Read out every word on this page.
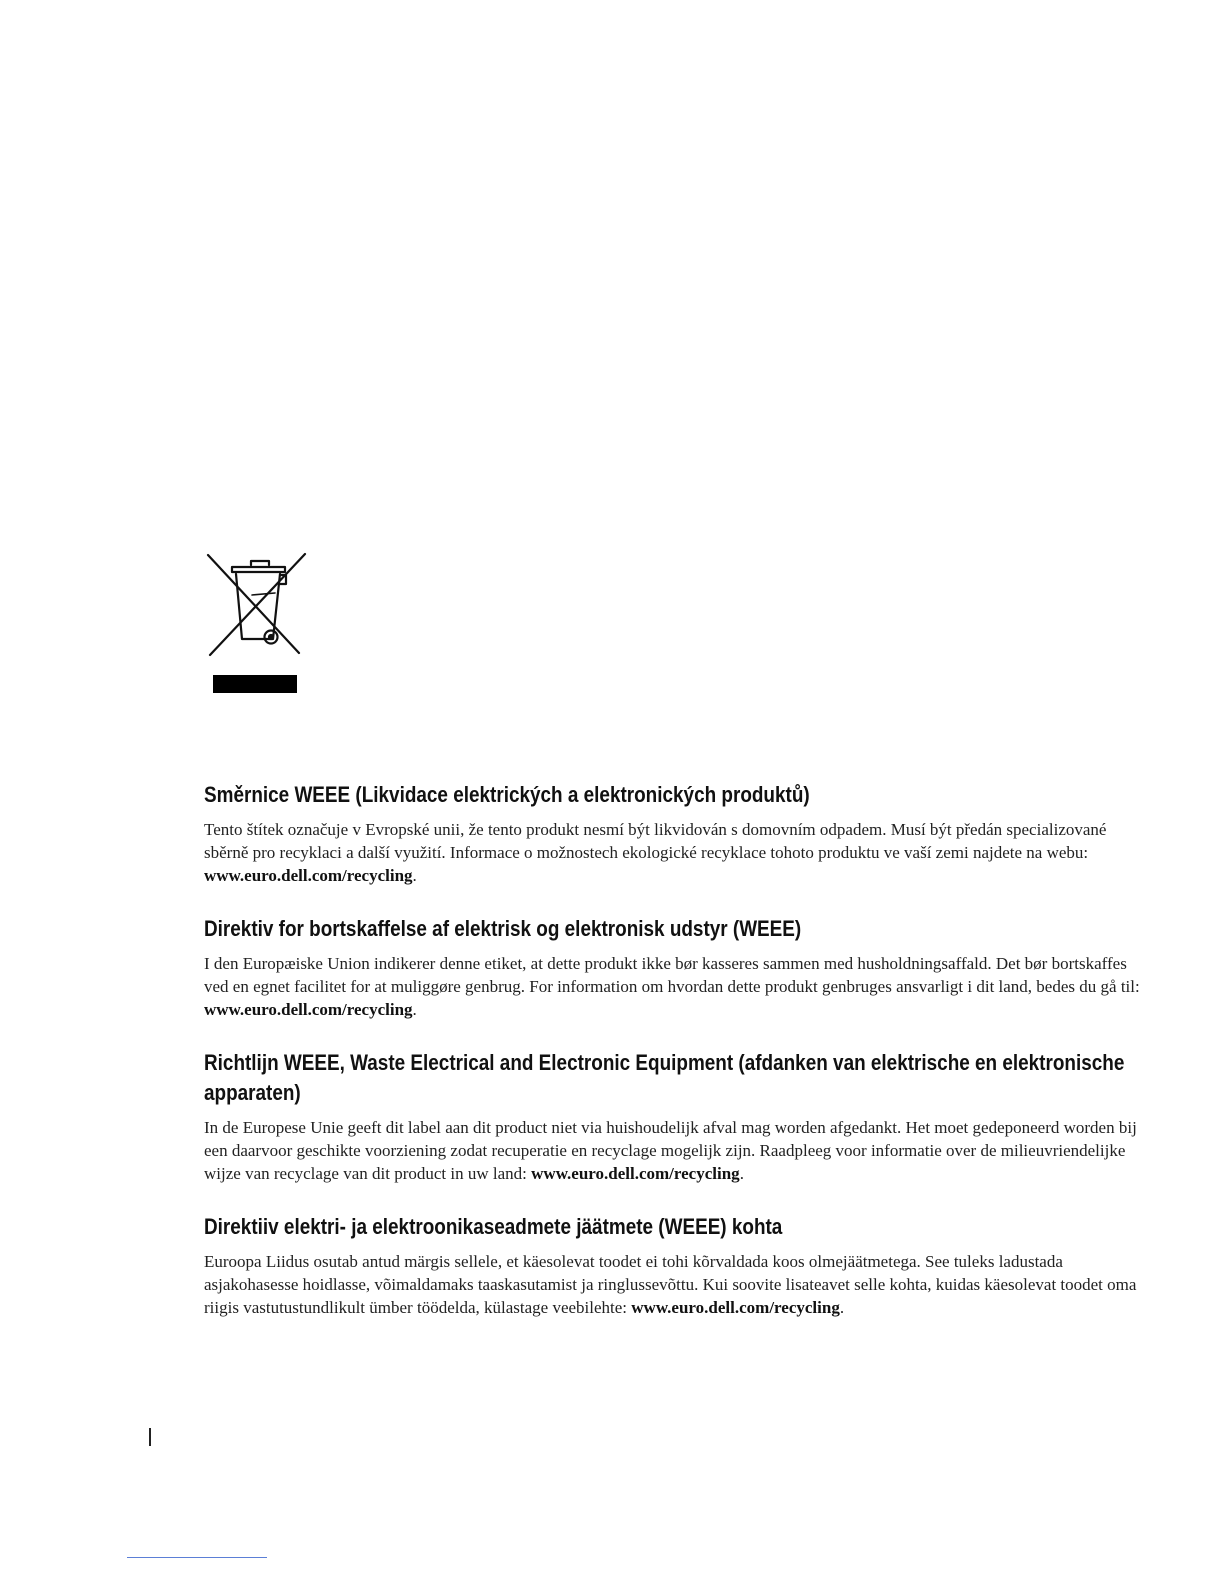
Směrnice WEEE (Likvidace elektrických a elektronických produktů)

Tento štítek označuje v Evropské unii, že tento produkt nesmí být likvidován s domovním odpadem. Musí být předán specializované sběrně pro recyklaci a další využití. Informace o možnostech ekologické recyklace tohoto produktu ve vaší zemi najdete na webu: www.euro.dell.com/recycling.

Direktiv for bortskaffelse af elektrisk og elektronisk udstyr (WEEE)

I den Europæiske Union indikerer denne etiket, at dette produkt ikke bør kasseres sammen med husholdningsaffald. Det bør bortskaffes ved en egnet facilitet for at muliggøre genbrug. For information om hvordan dette produkt genbruges ansvarligt i dit land, bedes du gå til: www.euro.dell.com/recycling.

Richtlijn WEEE, Waste Electrical and Electronic Equipment (afdanken van elektrische en elektronische apparaten)

In de Europese Unie geeft dit label aan dit product niet via huishoudelijk afval mag worden afgedankt. Het moet gedeponeerd worden bij een daarvoor geschikte voorziening zodat recuperatie en recyclage mogelijk zijn. Raadpleeg voor informatie over de milieuvriendelijke wijze van recyclage van dit product in uw land: www.euro.dell.com/recycling.

Direktiiv elektri- ja elektroonikaseadmete jäätmete (WEEE) kohta

Euroopa Liidus osutab antud märgis sellele, et käesolevat toodet ei tohi kõrvaldada koos olmejäätmetega. See tuleks ladustada asjakohasesse hoidlasse, võimaldamaks taaskasutamist ja ringlussevõttu. Kui soovite lisateavet selle kohta, kuidas käesolevat toodet oma riigis vastutustundlikult ümber töödelda, külastage veebilehte: www.euro.dell.com/recycling.
